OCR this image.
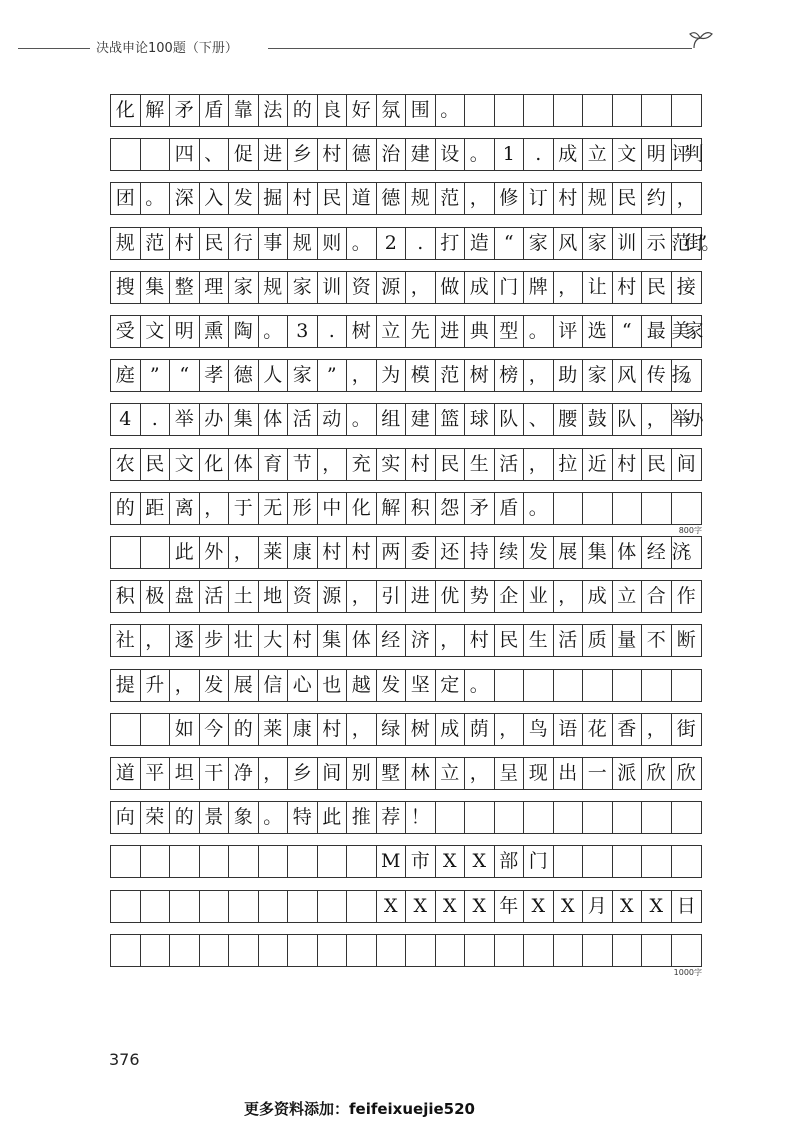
决战申论100题（下册）
化 解 矛 盾 靠 法 的 良 好 氛 围 。
四 、 促 进 乡 村 德 治 建 设 。 1	. 成 立 文 明 评判
团 。 深 入 发 掘 村 民 道 德 规 范 ， 修 订 村 规 民 约 ，
规 范 村 民 行 事 规 则 。 2	. 打 造 “ 家 风 家 训 示 范街”。
搜 集 整 理 家 规 家 训 资 源 ， 做 成 门 牌 ， 让 村 民 接
受 文 明 熏 陶 。 3	. 树 立 先 进 典 型 。 评 选 “ 最 美家
庭 ”	“ 孝 德 人 家 ” ， 为 模 范 树 榜 ， 助 家 风 传 扬。
4	. 举 办 集 体 活 动 。 组 建 篮 球 队 、 腰 鼓 队 ， 举办
农 民 文 化 体 育 节 ， 充 实 村 民 生 活 ， 拉 近 村 民 间
的 距 离 ， 于 无 形 中 化 解 积 怨 矛 盾 。
800字
此 外 ， 莱 康 村 村 两 委 还 持 续 发 展 集 体 经 济。
积 极 盘 活 土 地 资 源 ， 引 进 优 势 企 业 ， 成 立 合 作
社 ， 逐 步 壮 大 村 集 体 经 济 ， 村 民 生 活 质 量 不 断
提 升 ， 发 展 信 心 也 越 发 坚 定 。
如 今 的 莱 康 村 ， 绿 树 成 荫 ， 鸟 语 花 香 ， 街
道 平 坦 干 净 ， 乡 间 别 墅 林 立 ， 呈 现 出 一 派 欣 欣
向 荣 的 景 象 。 特 此 推 荐 ！
M 市 X X 部 门
X X X X 年 X X 月 X X 日
1000字
376
更多资料添加：feifeixuejie520
